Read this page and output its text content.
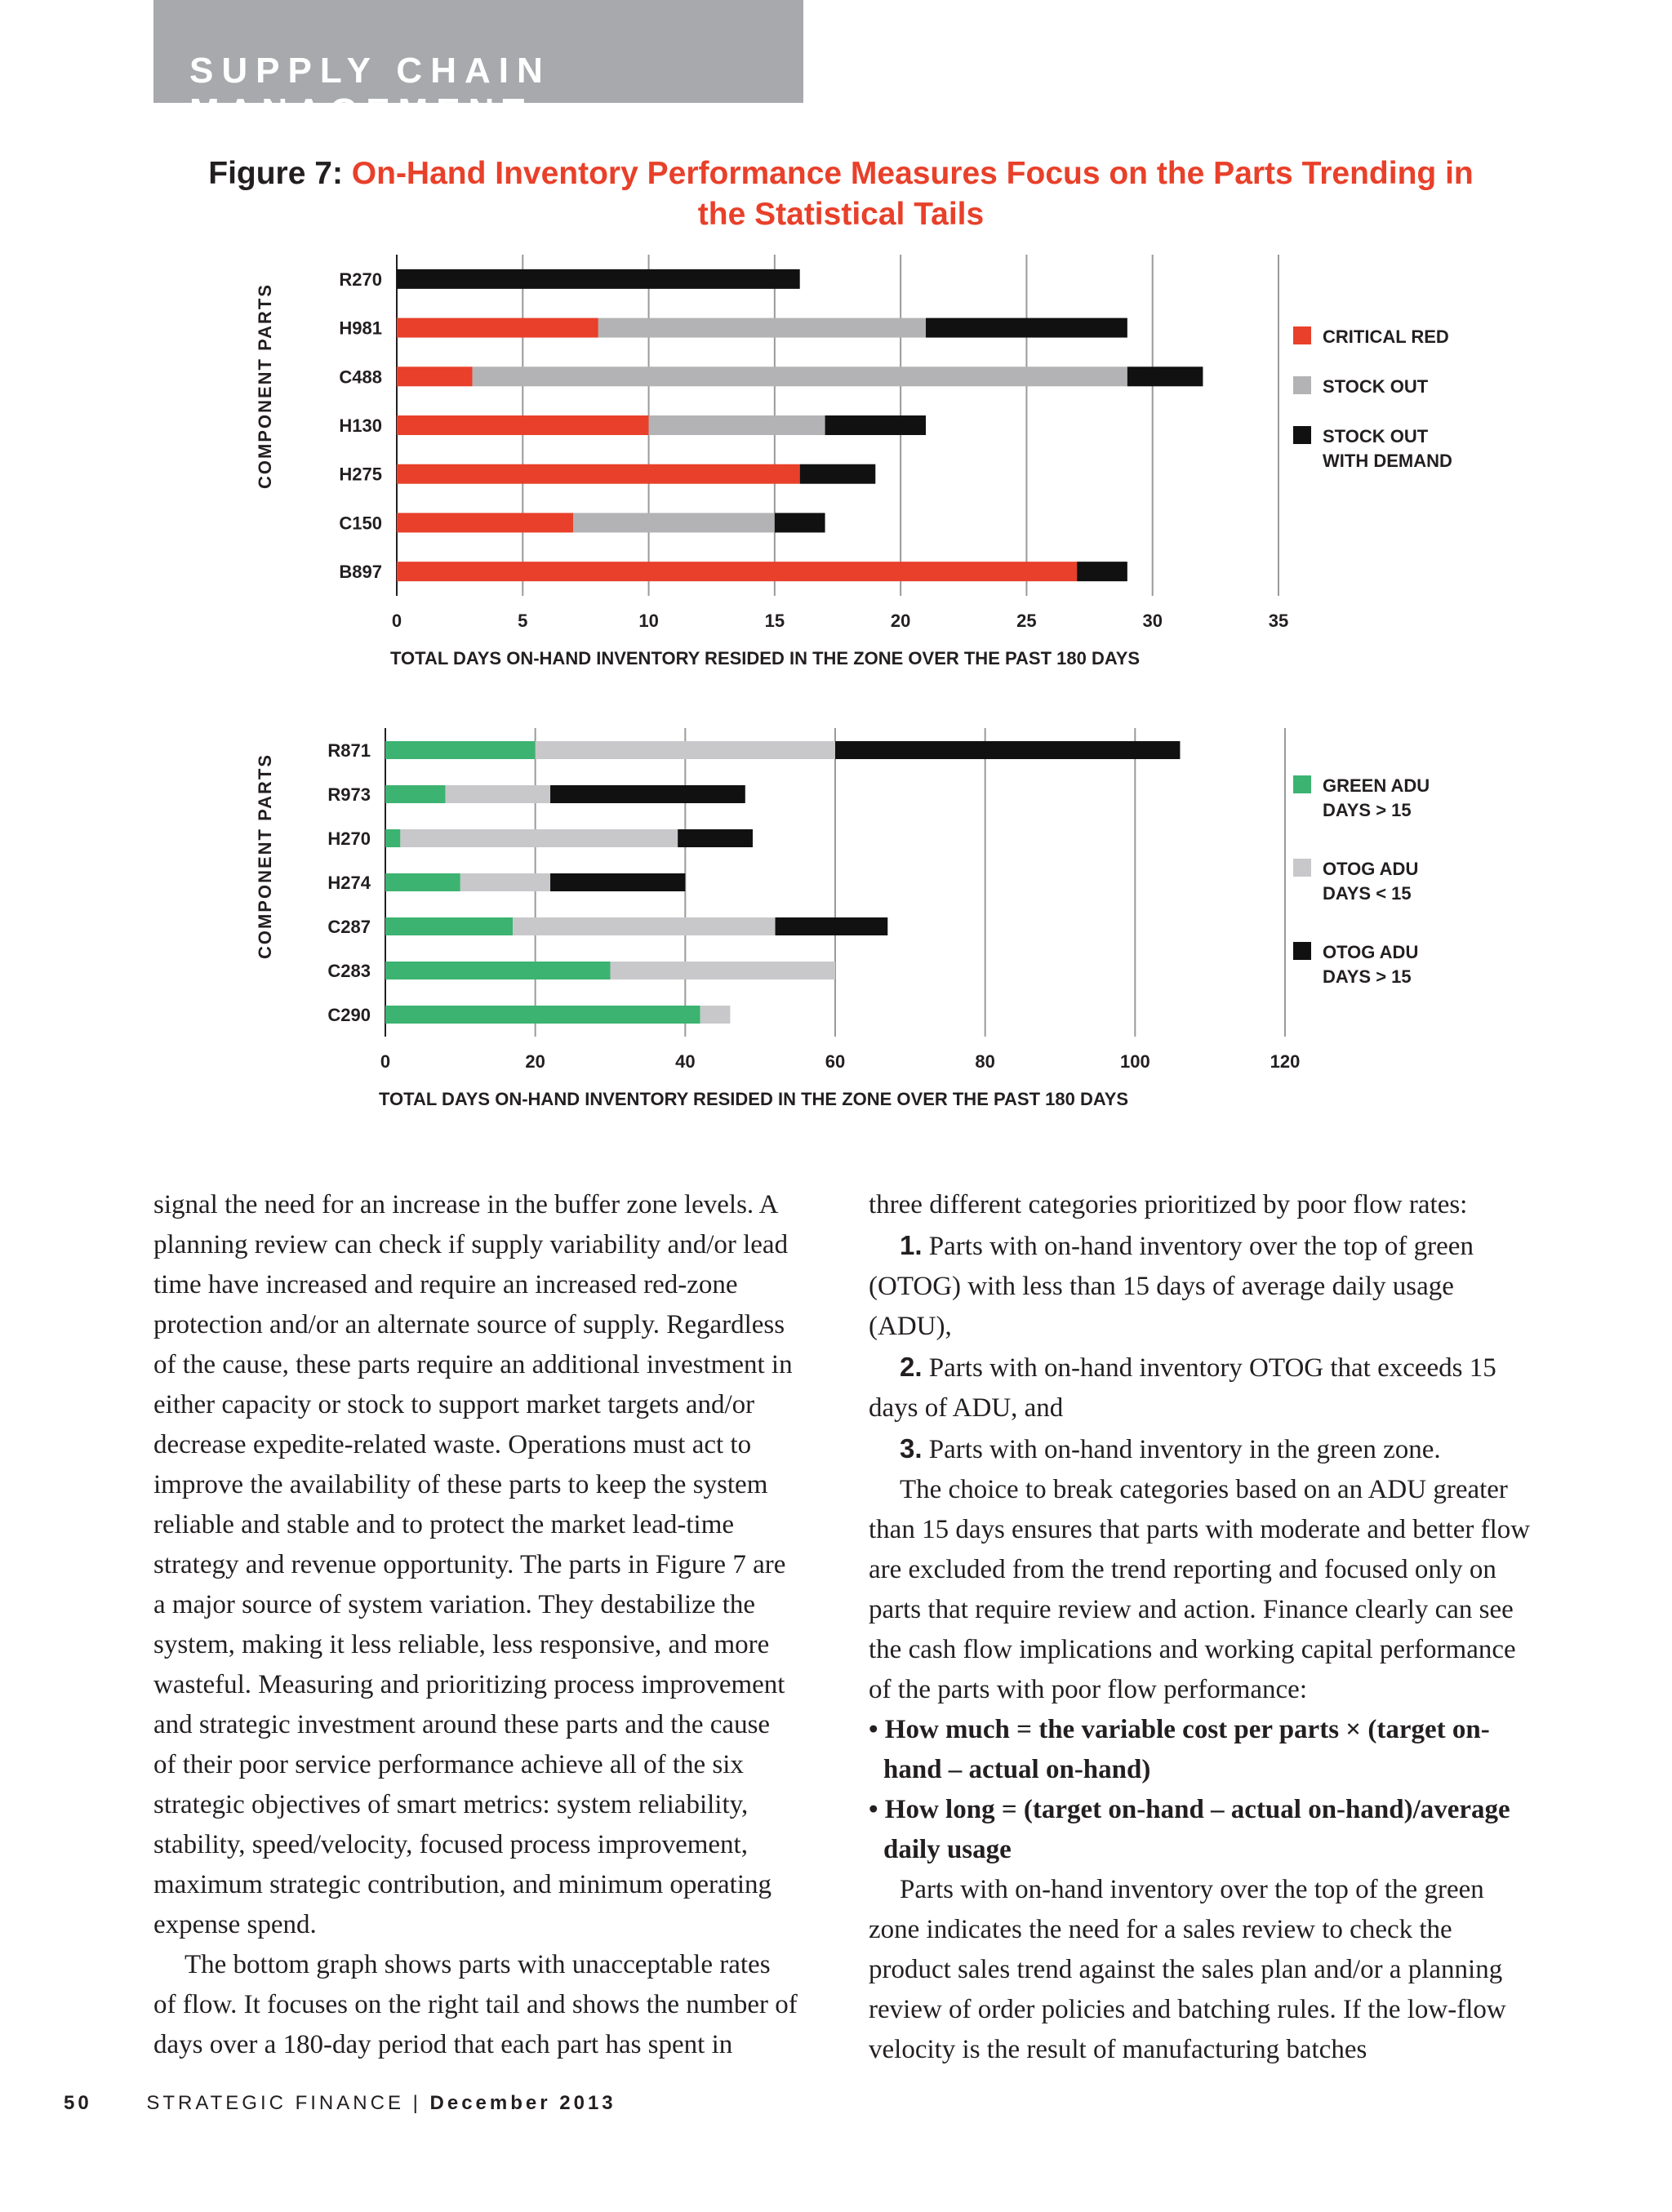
SUPPLY CHAIN MANAGEMENT
Figure 7: On-Hand Inventory Performance Measures Focus on the Parts Trending in the Statistical Tails
COMPONENT PARTS
0	5	10	15	20	25	30	35
R270
H981
C488
H130
H275
C150
B897
TOTAL DAYS ON-HAND INVENTORY RESIDED IN THE ZONE OVER THE PAST 180 DAYS
CRITICAL RED
STOCK OUT
STOCK OUT WITH DEMAND
COMPONENT PARTS
0	20	40	60	80	100	120
R871
R973
H270
H274
C287
C283
C290
TOTAL DAYS ON-HAND INVENTORY RESIDED IN THE ZONE OVER THE PAST 180 DAYS
GREEN ADU DAYS > 15
OTOG ADU DAYS < 15
OTOG ADU DAYS > 15

signal the need for an increase in the buffer zone levels. A planning review can check if supply variability and/or lead time have increased and require an increased red-zone protection and/or an alternate source of supply. Regardless of the cause, these parts require an additional investment in either capacity or stock to support market targets and/or decrease expedite-related waste. Operations must act to improve the availability of these parts to keep the system reliable and stable and to protect the market lead-time strategy and revenue opportunity. The parts in Figure 7 are a major source of system variation. They destabilize the system, making it less reliable, less responsive, and more wasteful. Measuring and prioritizing process improvement and strategic investment around these parts and the cause of their poor service performance achieve all of the six strategic objectives of smart metrics: system reliability, stability, speed/velocity, focused process improvement, maximum strategic contribution, and minimum operating expense spend.

The bottom graph shows parts with unacceptable rates of flow. It focuses on the right tail and shows the number of days over a 180-day period that each part has spent in

three different categories prioritized by poor flow rates:

1. Parts with on-hand inventory over the top of green (OTOG) with less than 15 days of average daily usage (ADU),

2. Parts with on-hand inventory OTOG that exceeds 15 days of ADU, and

3. Parts with on-hand inventory in the green zone.

The choice to break categories based on an ADU greater than 15 days ensures that parts with moderate and better flow are excluded from the trend reporting and focused only on parts that require review and action. Finance clearly can see the cash flow implications and working capital performance of the parts with poor flow performance:

• How much = the variable cost per parts × (target on-hand – actual on-hand)

• How long = (target on-hand – actual on-hand)/average daily usage

Parts with on-hand inventory over the top of the green zone indicates the need for a sales review to check the product sales trend against the sales plan and/or a planning review of order policies and batching rules. If the low-flow velocity is the result of manufacturing batches

50	STRATEGIC FINANCE | December 2013
